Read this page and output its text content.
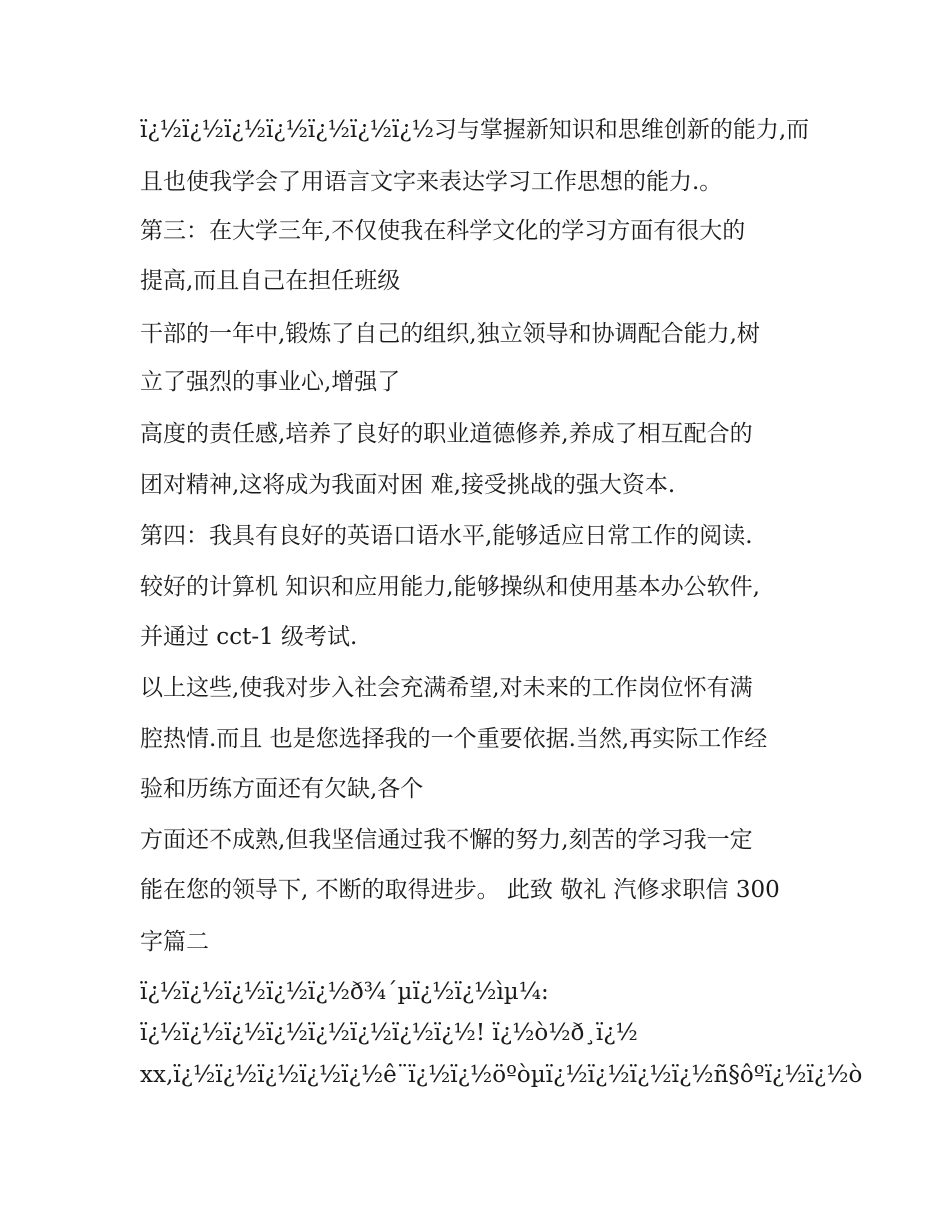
ï¿½ï¿½ï¿½ï¿½ï¿½ï¿½ï¿½习与掌握新知识和思维创新的能力,而

且也使我学会了用语言文字来表达学习工作思想的能力.。

第三：在大学三年,不仅使我在科学文化的学习方面有很大的

提高,而且自己在担任班级

干部的一年中,锻炼了自己的组织,独立领导和协调配合能力,树

立了强烈的事业心,增强了

高度的责任感,培养了良好的职业道德修养,养成了相互配合的

团对精神,这将成为我面对困 难,接受挑战的强大资本.

第四：我具有良好的英语口语水平,能够适应日常工作的阅读.

较好的计算机 知识和应用能力,能够操纵和使用基本办公软件,

并通过 cct-1 级考试.

以上这些,使我对步入社会充满希望,对未来的工作岗位怀有满

腔热情.而且 也是您选择我的一个重要依据.当然,再实际工作经

验和历练方面还有欠缺,各个

方面还不成熟,但我坚信通过我不懈的努力,刻苦的学习我一定

能在您的领导下, 不断的取得进步。 此致 敬礼 汽修求职信 300

字篇二

ï¿½ï¿½ï¿½ï¿½ï¿½ð¾´µï¿½ï¿½ìµ¼:

ï¿½ï¿½ï¿½ï¿½ï¿½ï¿½ï¿½ï¿½! ï¿½ò½ð¸ï¿½

xx,ï¿½ï¿½ï¿½ï¿½ï¿½ê¨ï¿½ï¿½öºòµï¿½ï¿½ï¿½ï¿½ñ§ôºï¿½ï¿½ò
